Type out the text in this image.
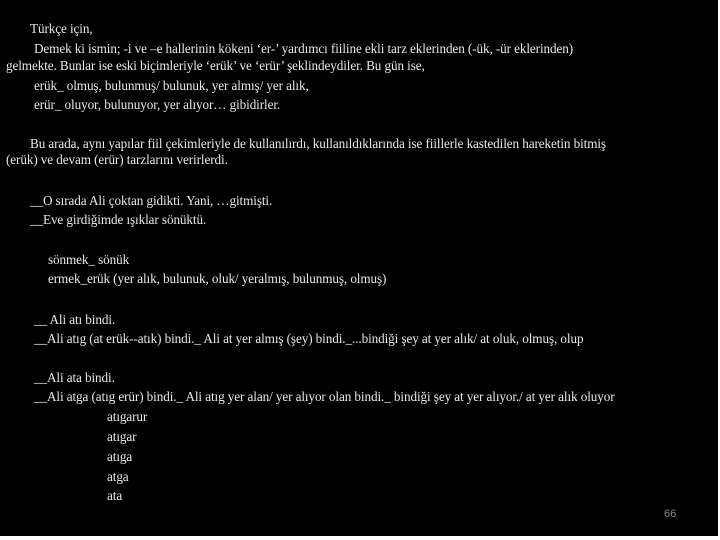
Türkçe için,
Demek ki ismin; -i ve –e hallerinin kökeni ‘er-’ yardımcı fiiline ekli tarz eklerinden (-ük, -ür eklerinden)
gelmekte. Bunlar ise eski biçimleriyle ‘erük’ ve ‘erür’ şeklindeydiler. Bu gün ise,
erük_ olmuş, bulunmuş/ bulunuk, yer almış/ yer alık,
erür_ oluyor, bulunuyor, yer alıyor… gibidirler.
Bu arada, aynı yapılar fiil çekimleriyle de kullanılırdı, kullanıldıklarında ise fiillerle kastedilen hareketin bitmiş
(erük) ve devam (erür) tarzlarını verirlerdi.
__O sırada Ali çoktan gidikti. Yani, …gitmişti.
__Eve girdiğimde ışıklar sönüktü.
sönmek_ sönük
ermek_erük (yer alık, bulunuk, oluk/ yeralmış, bulunmuş, olmuş)
__ Ali atı bindi.
__Ali atıg (at erük--atık) bindi._ Ali at yer almış (şey) bindi._...bindiği şey at yer alık/ at oluk, olmuş, olup
__Ali ata bindi.
__Ali atga (atıg erür) bindi._ Ali atıg yer alan/ yer alıyor olan bindi._ bindiği şey at yer alıyor./ at yer alık oluyor
atıgarur
atıgar
atıga
atga
ata
66
